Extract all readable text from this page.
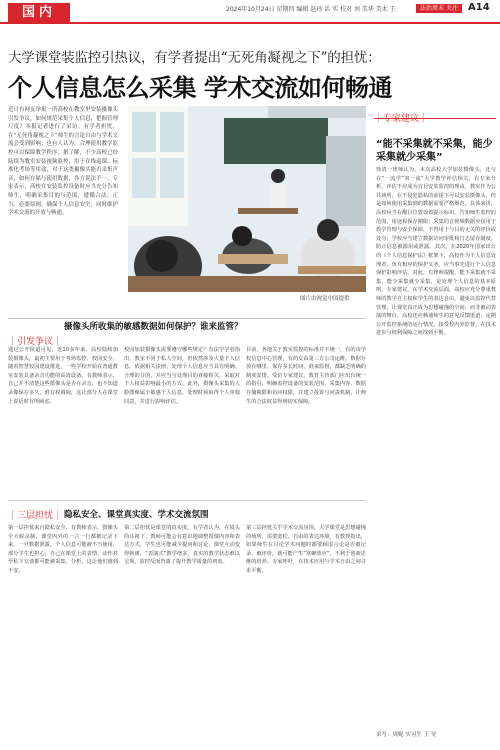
国内	2024年10月24日 星期四 编辑 赵玮 话 实 校对 刘 美华 美术 王	法治周末 关注	A14
大学课堂装监控引热议，有学者提出“无死角凝视之下”的担忧：
个人信息怎么采集 学术交流如何畅通
近日有网友举报一所高校在教室里安装摄像头引发争议，如何规范采集个人信息、把握管理尺度？本报记者进行了采访。有学者担忧，在“无死角凝视之下”师生的言论自由与学术交流会受到影响；也有人认为，合理使用教学监控可以保障教学秩序。据了解，不少高校已经陆续为教室安装视频监控，用于在线巡课、标准化考场等用途，对于这类摄像头能否采集声音、如何存储与使用数据，各方说法不一。专家表示，高校在安装监控设备时应当充分告知师生，明确采集目的与范围，遵循合法、正当、必要原则，确保个人信息安全，同时维护学术交流的开放与畅通。
图片由视觉中国提供
｜专家建议｜
“能不采集就不采集，能少采集就少采集”
徐清一律师认为，本次高校大学加装摄像头，还与在“一流学”双一流“大学教学评估相关，有专家分析，评估不应成为盲目安装监控的理由。教室作为公共场所，在不侵犯隐私的前提下可以安装摄像头，但是如何使用采集到的数据需要严格规范。具体来讲，高校应当在醒目位置设置提示标识，告知师生监控的范围、用途和保存期限；采集的音视频数据应仅用于教学管理与安全保障，不得用于与目的无关的评价或处分；学校应当建立数据访问审批和日志留存制度，防止信息被滥用或泄露。其次，在2020年国家出台的《个人信息保护法》框架下，高校作为个人信息处理者，负有相应的保护义务，应当事先进行个人信息保护影响评估。对此，有律师提醒，能不采集就不采集，能少采集就少采集，是处理个人信息的基本原则。专家建议，在学术交流层面，高校应充分尊重教师的教学自主权和学生的表达自由，避免以监控代替管理，让课堂真正成为思想碰撞的空间，而非被动表演的舞台。高校还应畅通师生的意见反馈渠道，定期公开监控系统的运行情况，接受校内外监督，在技术进步与权利保障之间找到平衡。
采写：周妮 实习生 王 昊
｜引发争议｜
摄像头所收集的敏感数据如何保护？谁来监管？
通过公开报道可见，近10多年来，高校陆续加装摄像头，最初主要用于考场监控、校园安全。随着智慧校园建设推进，一些学校开始在普通教室安装具备录音功能的高清设备。有教师表示，自己并不清楚这些摄像头是否在录音，也不知道录像保存多久、谁有权调阅，这让部分人在课堂上说话时有所顾虑。
校园加装摄像头需要遵守哪些规定？有法学学者指出，教室不同于私人空间，但依然涉及大量个人信息。依据相关法律，处理个人信息应当具有明确、合理的目的，并应当与处理目的直接相关，采取对个人权益影响最小的方式。此外，摄像头采集的人脸图像属于敏感个人信息，处理时须取得个人单独同意，并进行影响评估。
目前，各地关于教室监控的标准并不统一，有的由学校信息中心管理，有的交由第三方公司运维，数据存放在哪里、保存多长时间、谁来监督，都缺乏明确的制度安排。受访专家建议，教育主管部门应出台统一的指引，明确监控设备的安装范围、采集内容、数据存储期限和访问权限，并建立投诉与问责机制，让师生的合法权益得到切实保障。
｜三层担忧｜ 隐私安全、课堂真实度、学术交流氛围
第一层担忧来自隐私安全。有教师表示，摄像头全天候录制，课堂内外的一言一行都被记录下来，一旦数据泄露，个人信息可能被不当使用。部分学生也担心，自己在课堂上的表情、动作甚至私下交谈都可能被采集、分析，这让他们感到不安。
第二层担忧是课堂的真实度。有学者认为，在镜头的注视下，教师可能会有意识地调整授课内容和表达方式，学生也可能减少提问和讨论，课堂互动变得拘谨，“表演式”教学增多，真实的教学状态难以呈现，监控反而背离了提升教学质量的初衷。
第三层担忧关乎学术交流氛围。大学课堂是思想碰撞的场所，需要宽松、自由的表达环境。有教授指出，如果师生在讨论学术问题时都要顾虑言论是否被记录、被评价，就可能产生“寒蝉效应”，不利于创新思维的培养。专家呼吁，在技术应用与学术自由之间寻求平衡。
